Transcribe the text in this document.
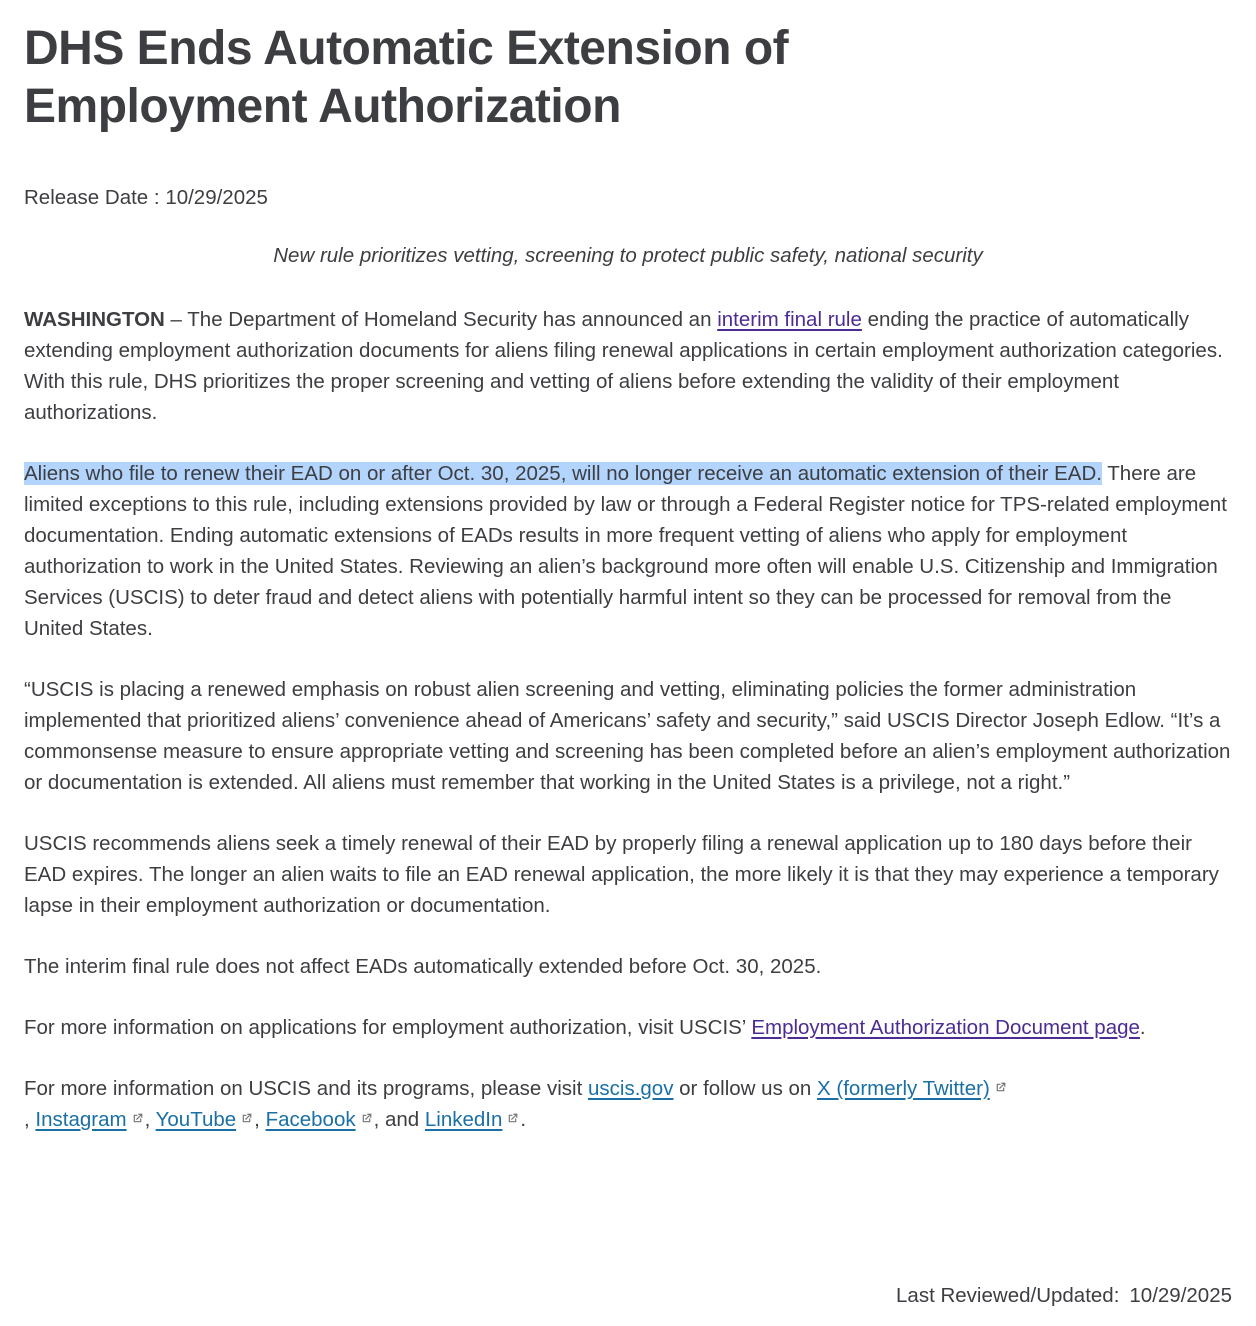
DHS Ends Automatic Extension of Employment Authorization

Release Date : 10/29/2025

New rule prioritizes vetting, screening to protect public safety, national security

WASHINGTON – The Department of Homeland Security has announced an interim final rule ending the practice of automatically extending employment authorization documents for aliens filing renewal applications in certain employment authorization categories. With this rule, DHS prioritizes the proper screening and vetting of aliens before extending the validity of their employment authorizations.

Aliens who file to renew their EAD on or after Oct. 30, 2025, will no longer receive an automatic extension of their EAD. There are limited exceptions to this rule, including extensions provided by law or through a Federal Register notice for TPS-related employment documentation. Ending automatic extensions of EADs results in more frequent vetting of aliens who apply for employment authorization to work in the United States. Reviewing an alien’s background more often will enable U.S. Citizenship and Immigration Services (USCIS) to deter fraud and detect aliens with potentially harmful intent so they can be processed for removal from the United States.

“USCIS is placing a renewed emphasis on robust alien screening and vetting, eliminating policies the former administration implemented that prioritized aliens’ convenience ahead of Americans’ safety and security,” said USCIS Director Joseph Edlow. “It’s a commonsense measure to ensure appropriate vetting and screening has been completed before an alien’s employment authorization or documentation is extended. All aliens must remember that working in the United States is a privilege, not a right.”

USCIS recommends aliens seek a timely renewal of their EAD by properly filing a renewal application up to 180 days before their EAD expires. The longer an alien waits to file an EAD renewal application, the more likely it is that they may experience a temporary lapse in their employment authorization or documentation.

The interim final rule does not affect EADs automatically extended before Oct. 30, 2025.

For more information on applications for employment authorization, visit USCIS’ Employment Authorization Document page.

For more information on USCIS and its programs, please visit uscis.gov or follow us on X (formerly Twitter)
, Instagram , YouTube , Facebook , and LinkedIn .

Last Reviewed/Updated: 10/29/2025
